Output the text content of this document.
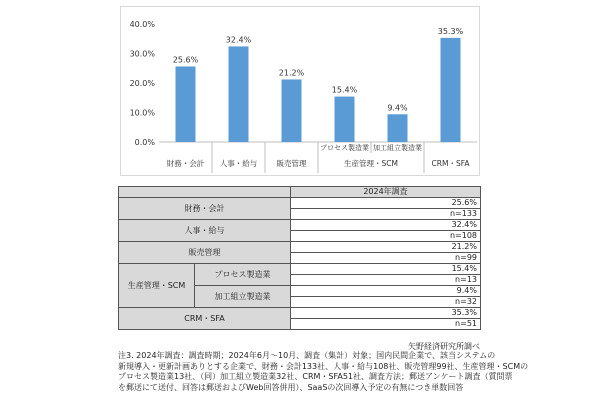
0.0%
10.0%
20.0%
30.0%
40.0%
25.6%
32.4%
21.2%
15.4%
9.4%
35.3%
財務・会計 人事・給与	販売管理	CRM・SFA
プロセス製造業 加工組立製造業
生産管理・SCM
		2024年調査
財務・会計		25.6%
		n=133
人事・給与		32.4%
		n=108
販売管理		21.2%
		n=99
生産管理・SCM	プロセス製造業	15.4%
		n=13
	加工組立製造業	9.4%
		n=32
CRM・SFA		35.3%
		n=51
矢野経済研究所調べ
注3. 2024年調査：調査時期；2024年6月～10月、調査（集計）対象；国内民間企業で、該当システムの
新規導入・更新計画ありとする企業で、財務・会計133社、人事・給与108社、販売管理99社、生産管理・SCMの
プロセス製造業13社、（同）加工組立製造業32社、CRM・SFA51社、調査方法；郵送アンケート調査（質問票
を郵送にて送付、回答は郵送およびWeb回答併用）、SaaSの次回導入予定の有無につき単数回答
